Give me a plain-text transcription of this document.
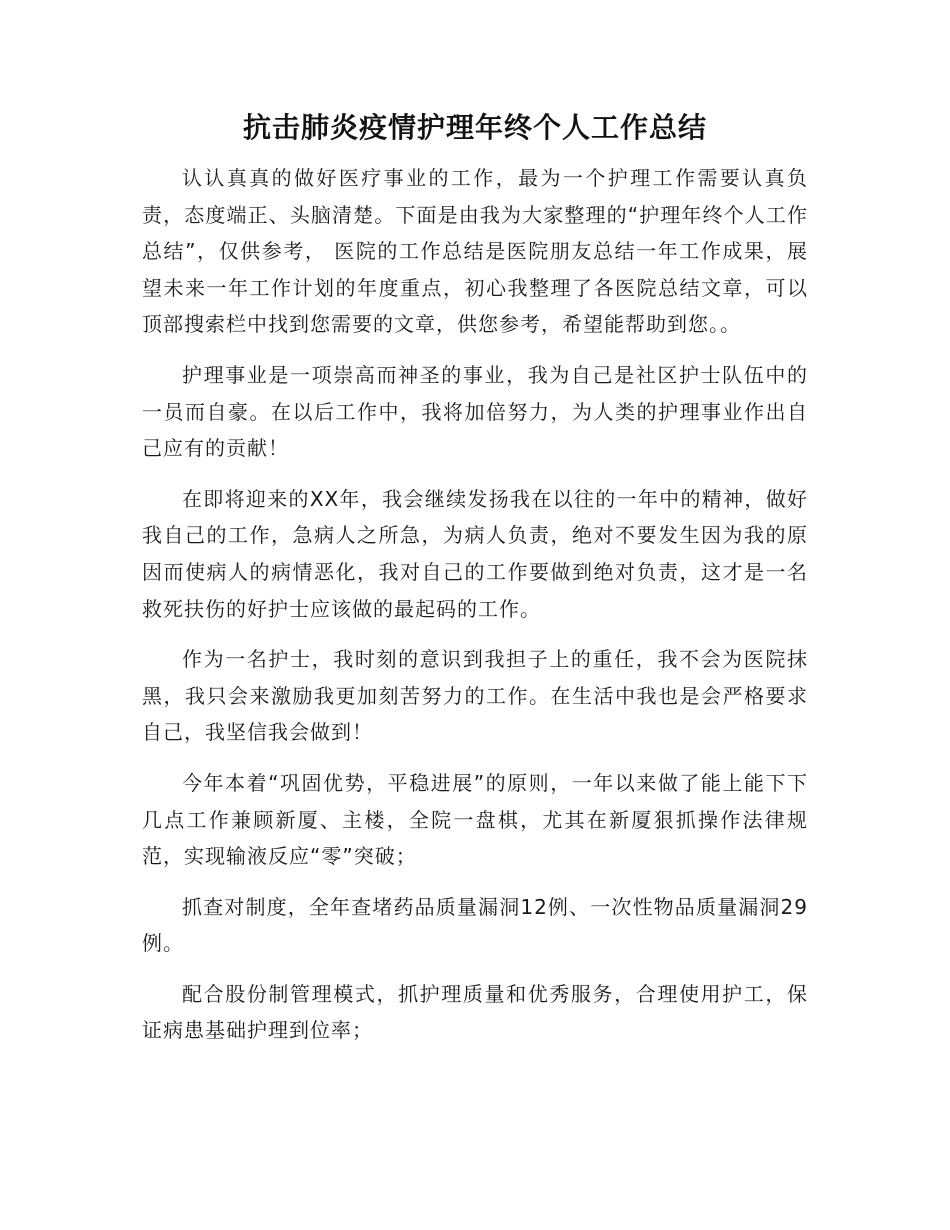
抗击肺炎疫情护理年终个人工作总结

认认真真的做好医疗事业的工作，最为一个护理工作需要认真负责，态度端正、头脑清楚。下面是由我为大家整理的“护理年终个人工作总结”，仅供参考， 医院的工作总结是医院朋友总结一年工作成果，展望未来一年工作计划的年度重点，初心我整理了各医院总结文章，可以顶部搜索栏中找到您需要的文章，供您参考，希望能帮助到您。。

护理事业是一项崇高而神圣的事业，我为自己是社区护士队伍中的一员而自豪。在以后工作中，我将加倍努力，为人类的护理事业作出自己应有的贡献！

在即将迎来的XX年，我会继续发扬我在以往的一年中的精神，做好我自己的工作，急病人之所急，为病人负责，绝对不要发生因为我的原因而使病人的病情恶化，我对自己的工作要做到绝对负责，这才是一名救死扶伤的好护士应该做的最起码的工作。

作为一名护士，我时刻的意识到我担子上的重任，我不会为医院抹黑，我只会来激励我更加刻苦努力的工作。在生活中我也是会严格要求自己，我坚信我会做到！

今年本着“巩固优势，平稳进展”的原则，一年以来做了能上能下下几点工作兼顾新厦、主楼，全院一盘棋，尤其在新厦狠抓操作法律规范，实现输液反应“零”突破；

抓查对制度，全年查堵药品质量漏洞12例、一次性物品质量漏洞29例。

配合股份制管理模式，抓护理质量和优秀服务，合理使用护工，保证病患基础护理到位率；
